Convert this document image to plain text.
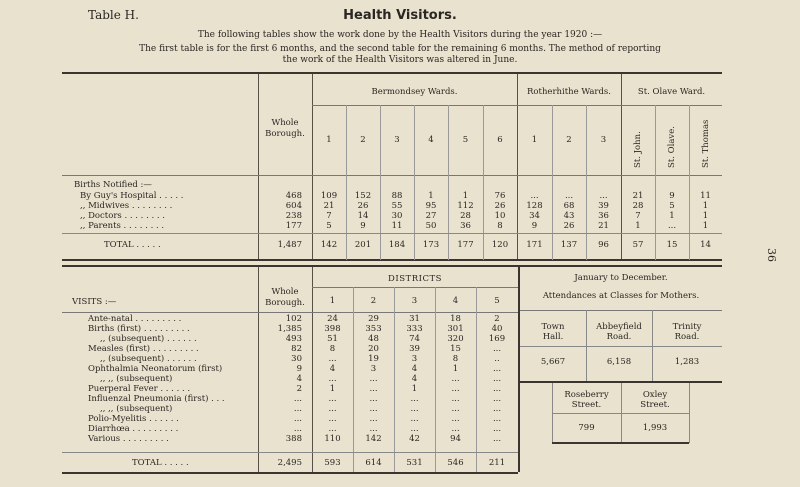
Table H.	Health Visitors.
The following tables show the work done by the Health Visitors during the year 1920 :—
The first table is for the first 6 months, and the second table for the remaining 6 months. The method of reporting
the work of the Health Visitors was altered in June.
36
Whole
Borough.
Bermondsey Wards.	Rotherhithe Wards.	St. Olave Ward.
1	2	3	4	5	6	1	2	3	St. John.	St. Olave.	St. Thomas
Births Notified :—
By Guy's Hospital . . . . .	468	109	152	88	1	1	76	...	...	...	21	9	11
,, Midwives . . . . . . . .	604	21	26	55	95	112	26	128	68	39	28	5	1
,, Doctors . . . . . . . .	238	7	14	30	27	28	10	34	43	36	7	1	1
,, Parents . . . . . . . .	177	5	9	11	50	36	8	9	26	21	1	...	1
TOTAL . . . . .	1,487	142	201	184	173	177	120	171	137	96	57	15	14
VISITS :—
Whole
Borough.
DISTRICTS
1	2	3	4	5
Ante-natal . . . . . . . . .	102	24	29	31	18	2
Births (first) . . . . . . . . .	1,385	398	353	333	301	40
,, (subsequent) . . . . . .	493	51	48	74	320	169
Measles (first) . . . . . . . . .	82	8	20	39	15	...
,, (subsequent) . . . . . .	30	...	19	3	8	..
Ophthalmia Neonatorum (first)	9	4	3	4	1	...
,, ,, (subsequent)	4	...	...	4	...	...
Puerperal Fever . . . . . .	2	1	...	1	...	...
Influenzal Pneumonia (first) . . .	...	...	...	...	...	...
,, ,, (subsequent)	...	...	...	...	...	...
Polio-Myelitis . . . . . .	...	...	...	...	...	...
Diarrhœa . . . . . . . . .	...	...	...	...	...	...
Various . . . . . . . . .	388	110	142	42	94	...
TOTAL . . . . .	2,495	593	614	531	546	211
January to December.
Attendances at Classes for Mothers.
Town
Hall.
5,667
Abbeyfield
Road.
6,158
Trinity
Road.
1,283
Roseberry
Street.
799
Oxley
Street.
1,993
